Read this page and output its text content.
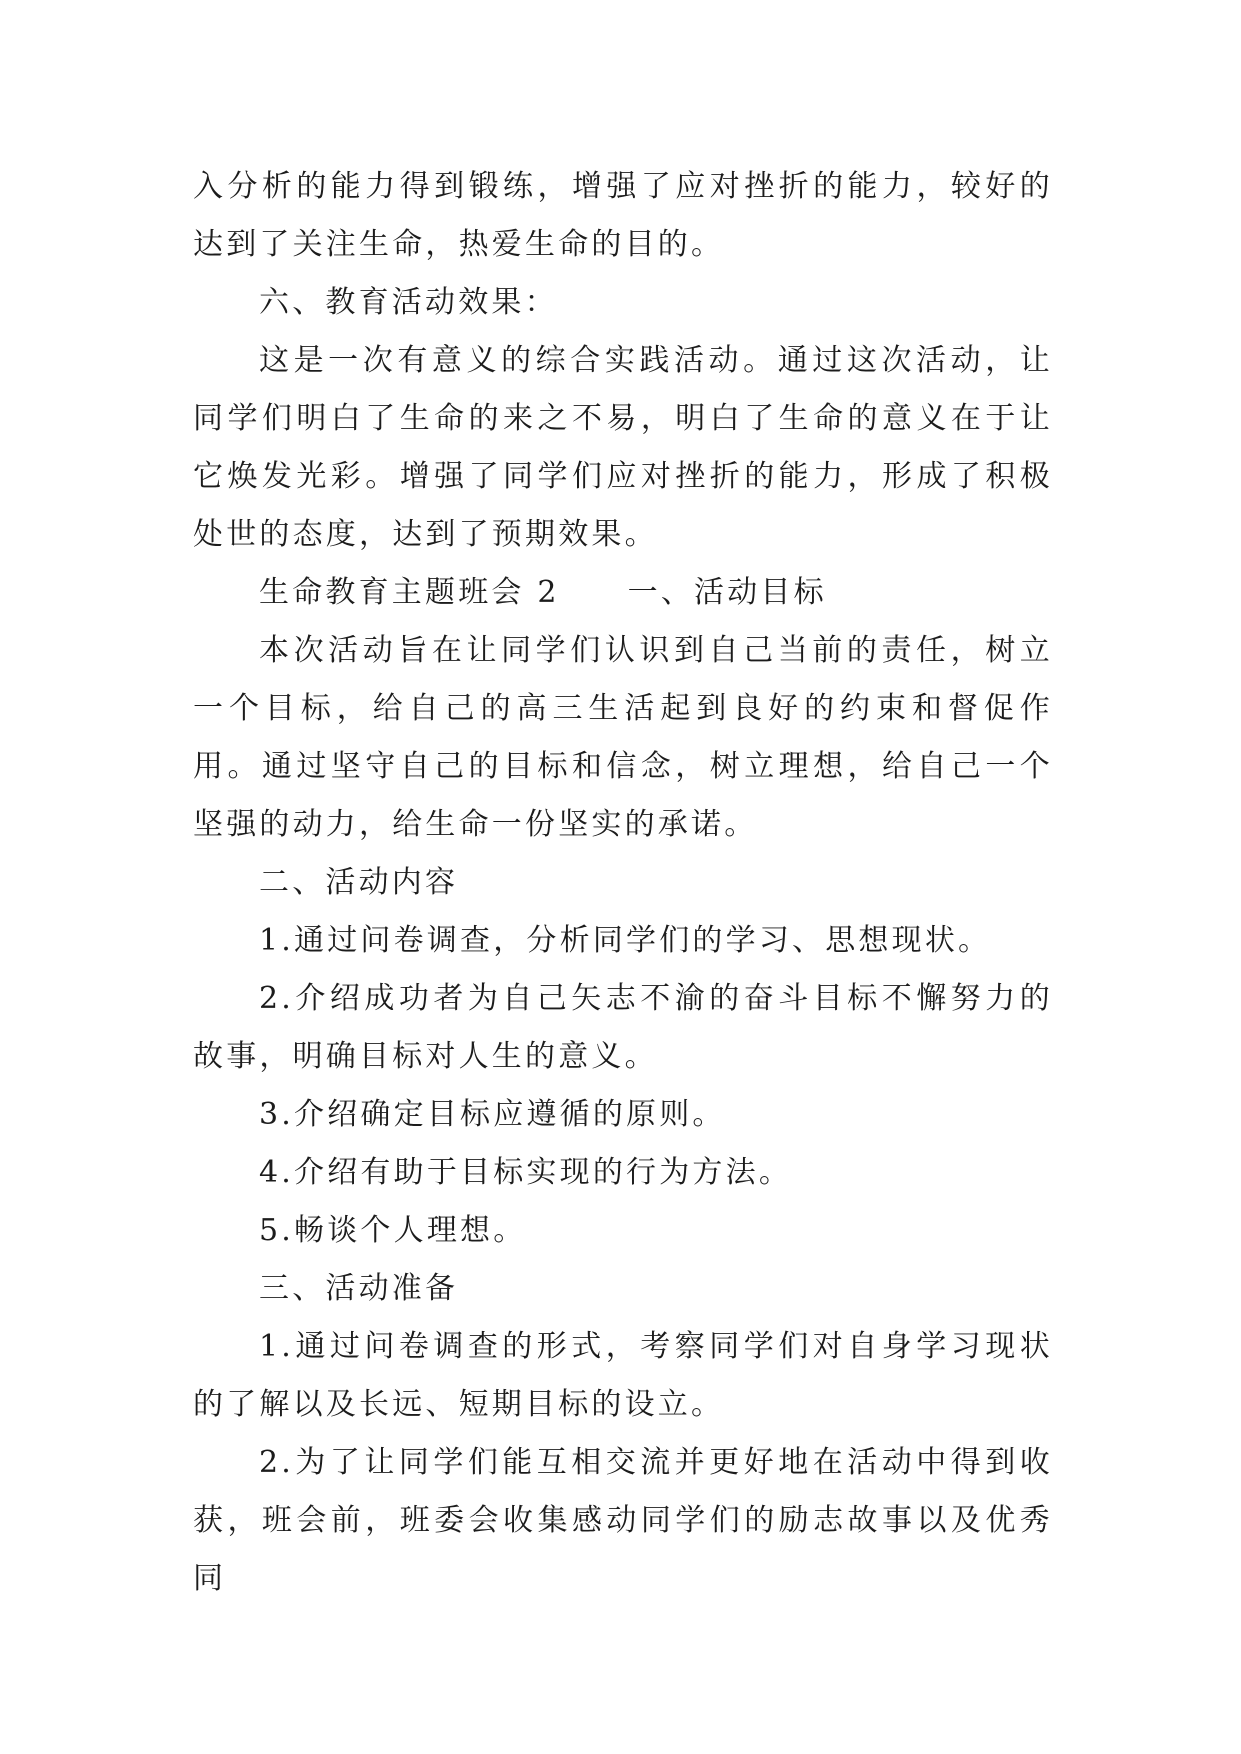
入分析的能力得到锻练，增强了应对挫折的能力，较好的达到了关注生命，热爱生命的目的。

六、教育活动效果：

这是一次有意义的综合实践活动。通过这次活动，让同学们明白了生命的来之不易，明白了生命的意义在于让它焕发光彩。增强了同学们应对挫折的能力，形成了积极处世的态度，达到了预期效果。

生命教育主题班会 2 一、活动目标

本次活动旨在让同学们认识到自己当前的责任，树立一个目标，给自己的高三生活起到良好的约束和督促作用。通过坚守自己的目标和信念，树立理想，给自己一个坚强的动力，给生命一份坚实的承诺。

二、活动内容

1.通过问卷调查，分析同学们的学习、思想现状。

2.介绍成功者为自己矢志不渝的奋斗目标不懈努力的故事，明确目标对人生的意义。

3.介绍确定目标应遵循的原则。

4.介绍有助于目标实现的行为方法。

5.畅谈个人理想。

三、活动准备

1.通过问卷调查的形式，考察同学们对自身学习现状的了解以及长远、短期目标的设立。

2.为了让同学们能互相交流并更好地在活动中得到收获，班会前，班委会收集感动同学们的励志故事以及优秀同
